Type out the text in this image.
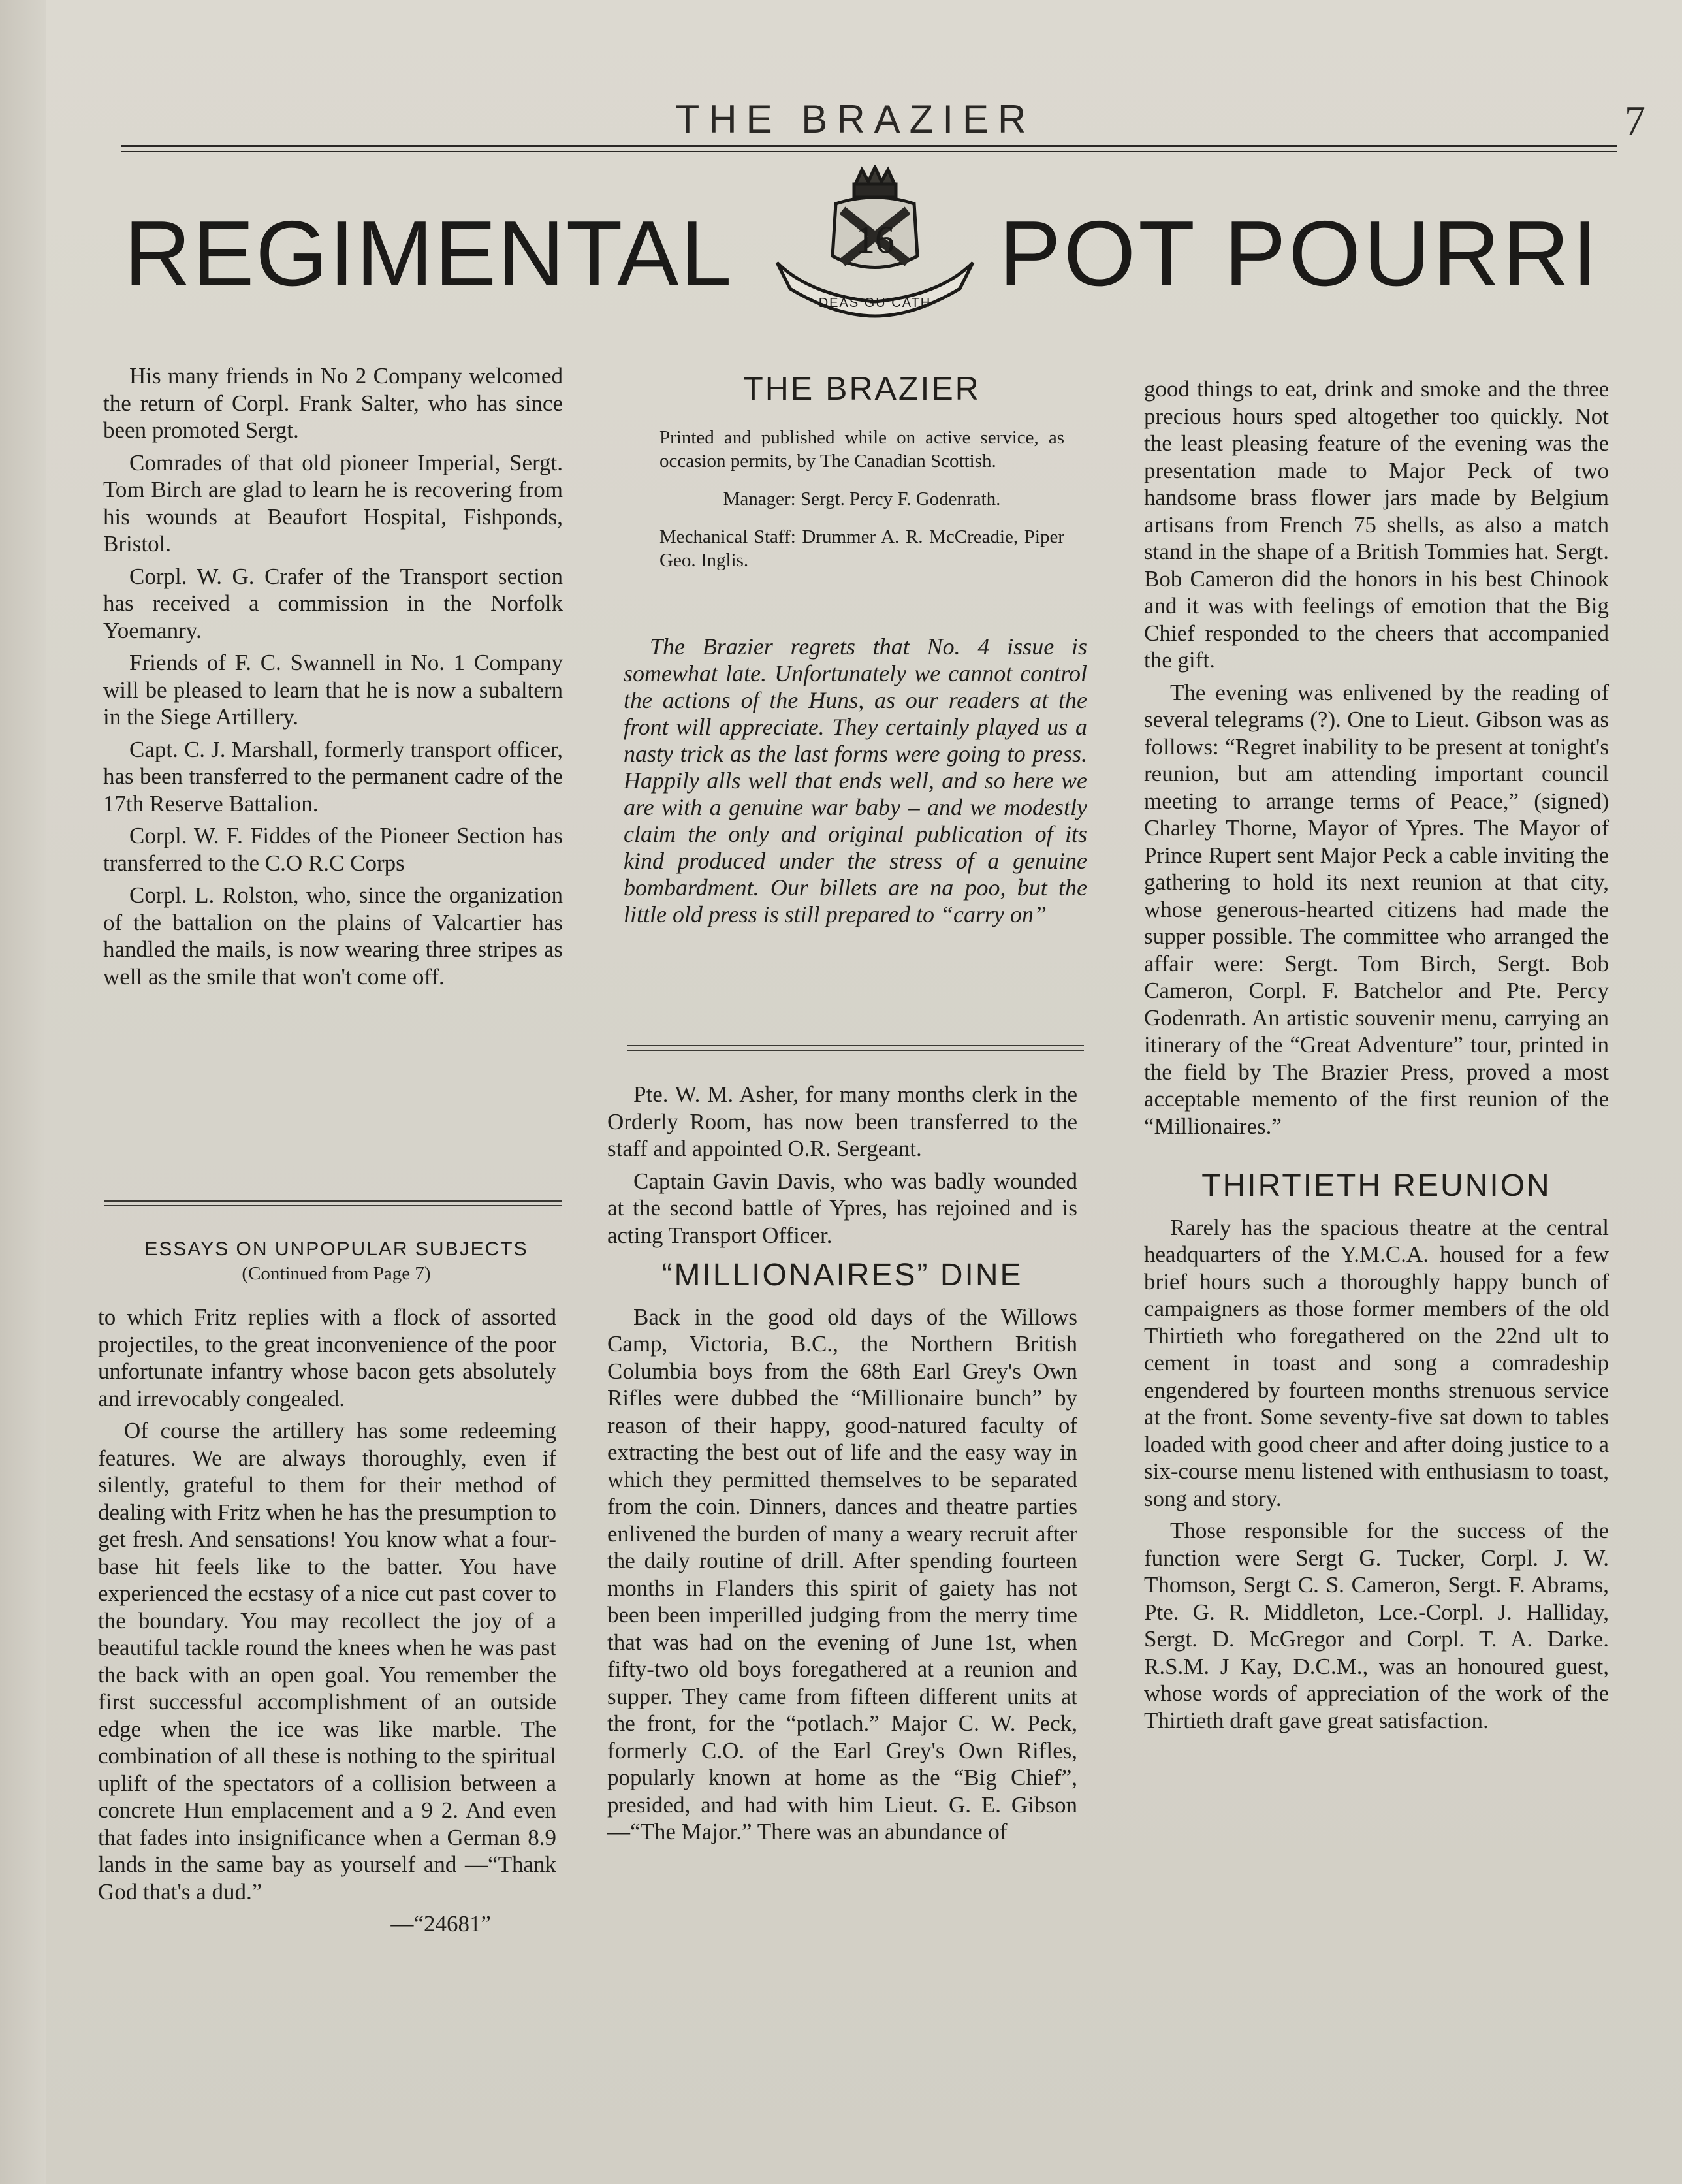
THE BRAZIER	7
REGIMENTAL	16
DEAS GU CATH POT POURRI

His many friends in No 2 Company welcomed the return of Corpl. Frank Salter, who has since been promoted Sergt.

Comrades of that old pioneer Imperial, Sergt. Tom Birch are glad to learn he is recovering from his wounds at Beaufort Hospital, Fishponds, Bristol.

Corpl. W. G. Crafer of the Transport section has received a commission in the Norfolk Yoemanry.

Friends of F. C. Swannell in No. 1 Company will be pleased to learn that he is now a subaltern in the Siege Artillery.

Capt. C. J. Marshall, formerly transport officer, has been transferred to the permanent cadre of the 17th Reserve Battalion.

Corpl. W. F. Fiddes of the Pioneer Section has transferred to the C.O R.C Corps

Corpl. L. Rolston, who, since the organization of the battalion on the plains of Valcartier has handled the mails, is now wearing three stripes as well as the smile that won't come off.

ESSAYS ON UNPOPULAR SUBJECTS
(Continued from Page 7)

to which Fritz replies with a flock of assorted projectiles, to the great inconvenience of the poor unfortunate infantry whose bacon gets absolutely and irrevocably congealed.

Of course the artillery has some redeeming features. We are always thoroughly, even if silently, grateful to them for their method of dealing with Fritz when he has the presumption to get fresh. And sensations! You know what a four-base hit feels like to the batter. You have experienced the ecstasy of a nice cut past cover to the boundary. You may recollect the joy of a beautiful tackle round the knees when he was past the back with an open goal. You remember the first successful accomplishment of an outside edge when the ice was like marble. The combination of all these is nothing to the spiritual uplift of the spectators of a collision between a concrete Hun emplacement and a 9 2. And even that fades into insignificance when a German 8.9 lands in the same bay as yourself and —“Thank God that's a dud.”

—“24681”
THE BRAZIER
Printed and published while on active service, as occasion permits, by The Canadian Scottish.
Manager: Sergt. Percy F. Godenrath.
Mechanical Staff: Drummer A. R. McCreadie, Piper Geo. Inglis.

The Brazier regrets that No. 4 issue is somewhat late. Unfortunately we cannot control the actions of the Huns, as our readers at the front will appreciate. They certainly played us a nasty trick as the last forms were going to press. Happily alls well that ends well, and so here we are with a genuine war baby – and we modestly claim the only and original publication of its kind produced under the stress of a genuine bombardment. Our billets are na poo, but the little old press is still prepared to “carry on”

Pte. W. M. Asher, for many months clerk in the Orderly Room, has now been transferred to the staff and appointed O.R. Sergeant.

Captain Gavin Davis, who was badly wounded at the second battle of Ypres, has rejoined and is acting Transport Officer.

“MILLIONAIRES” DINE

Back in the good old days of the Willows Camp, Victoria, B.C., the Northern British Columbia boys from the 68th Earl Grey's Own Rifles were dubbed the “Millionaire bunch” by reason of their happy, good-natured faculty of extracting the best out of life and the easy way in which they permitted themselves to be separated from the coin. Dinners, dances and theatre parties enlivened the burden of many a weary recruit after the daily routine of drill. After spending fourteen months in Flanders this spirit of gaiety has not been been imperilled judging from the merry time that was had on the evening of June 1st, when fifty-two old boys foregathered at a reunion and supper. They came from fifteen different units at the front, for the “potlach.” Major C. W. Peck, formerly C.O. of the Earl Grey's Own Rifles, popularly known at home as the “Big Chief”, presided, and had with him Lieut. G. E. Gibson—“The Major.” There was an abundance of

good things to eat, drink and smoke and the three precious hours sped altogether too quickly. Not the least pleasing feature of the evening was the presentation made to Major Peck of two handsome brass flower jars made by Belgium artisans from French 75 shells, as also a match stand in the shape of a British Tommies hat. Sergt. Bob Cameron did the honors in his best Chinook and it was with feelings of emotion that the Big Chief responded to the cheers that accompanied the gift.

The evening was enlivened by the reading of several telegrams (?). One to Lieut. Gibson was as follows: “Regret inability to be present at tonight's reunion, but am attending important council meeting to arrange terms of Peace,” (signed) Charley Thorne, Mayor of Ypres. The Mayor of Prince Rupert sent Major Peck a cable inviting the gathering to hold its next reunion at that city, whose generous-hearted citizens had made the supper possible. The committee who arranged the affair were: Sergt. Tom Birch, Sergt. Bob Cameron, Corpl. F. Batchelor and Pte. Percy Godenrath. An artistic souvenir menu, carrying an itinerary of the “Great Adventure” tour, printed in the field by The Brazier Press, proved a most acceptable memento of the first reunion of the “Millionaires.”

THIRTIETH REUNION

Rarely has the spacious theatre at the central headquarters of the Y.M.C.A. housed for a few brief hours such a thoroughly happy bunch of campaigners as those former members of the old Thirtieth who foregathered on the 22nd ult to cement in toast and song a comradeship engendered by fourteen months strenuous service at the front. Some seventy-five sat down to tables loaded with good cheer and after doing justice to a six-course menu listened with enthusiasm to toast, song and story.

Those responsible for the success of the function were Sergt G. Tucker, Corpl. J. W. Thomson, Sergt C. S. Cameron, Sergt. F. Abrams, Pte. G. R. Middleton, Lce.-Corpl. J. Halliday, Sergt. D. McGregor and Corpl. T. A. Darke. R.S.M. J Kay, D.C.M., was an honoured guest, whose words of appreciation of the work of the Thirtieth draft gave great satisfaction.
